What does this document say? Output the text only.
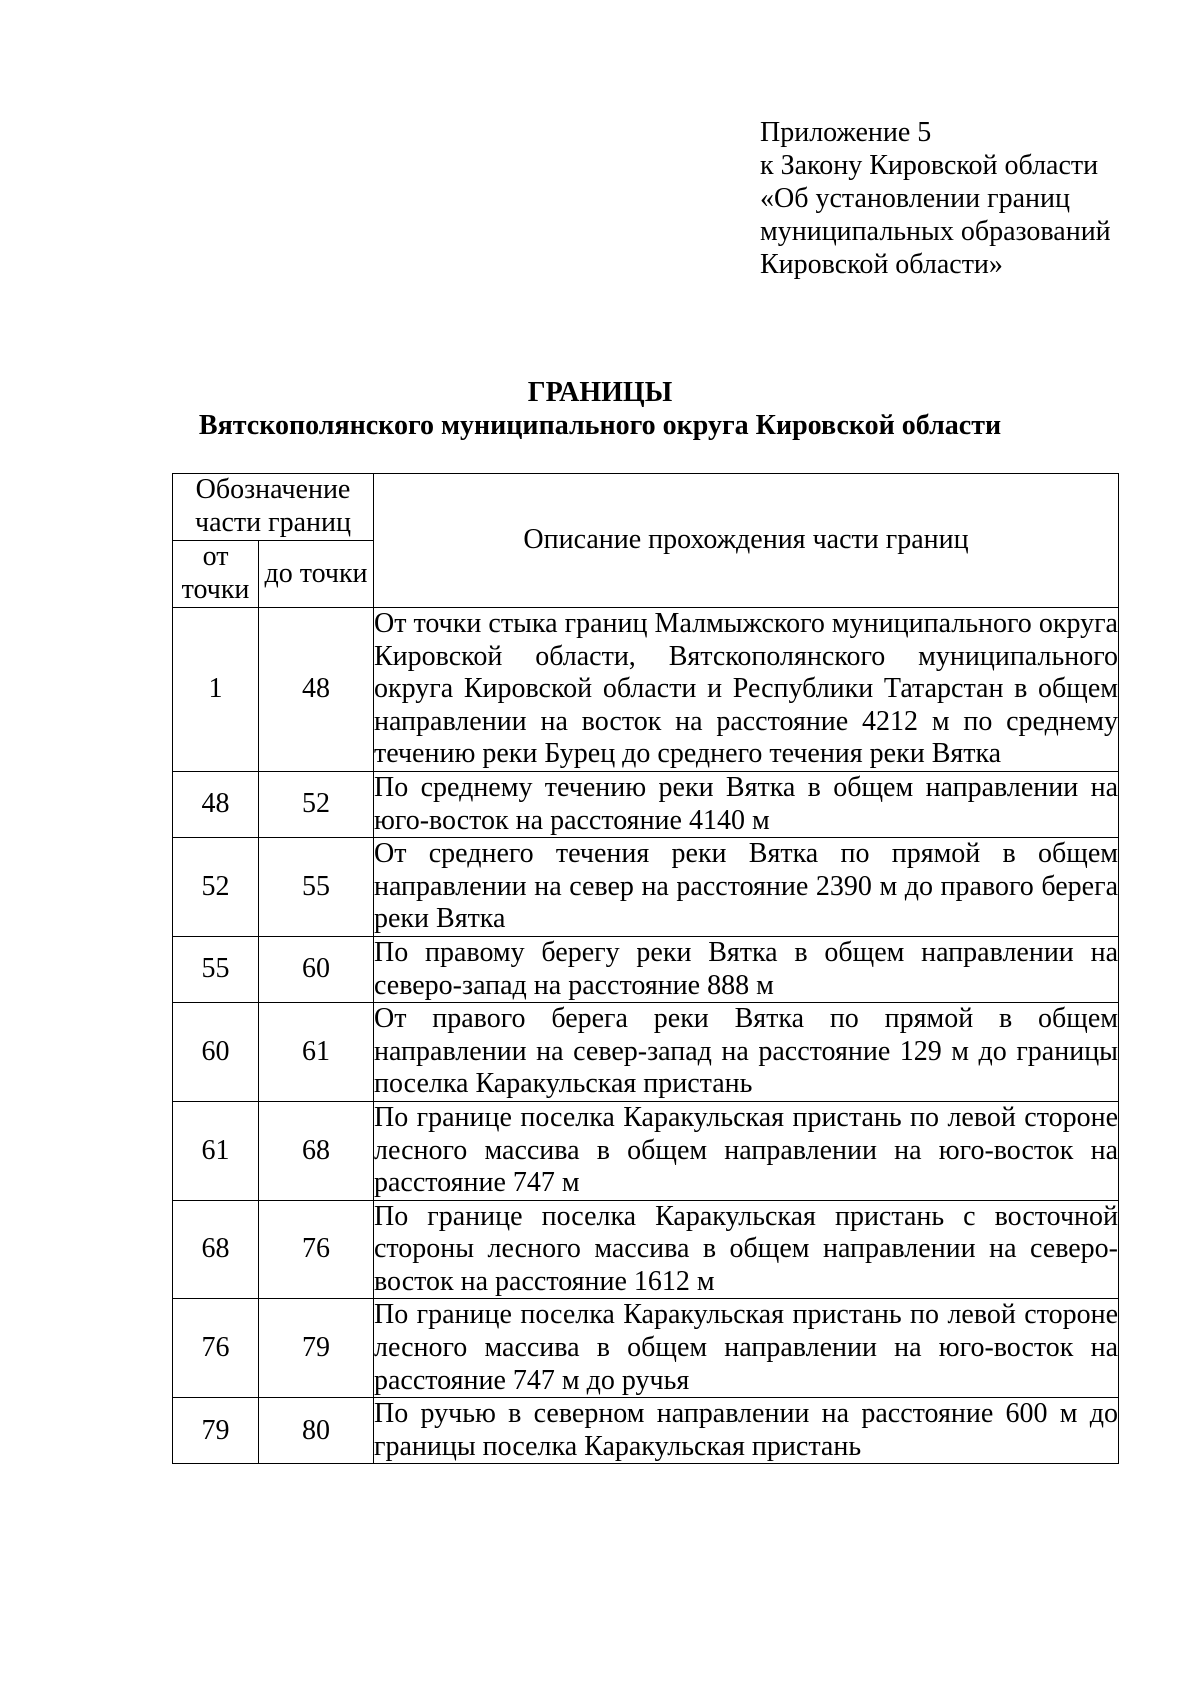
Приложение 5
к Закону Кировской области
«Об установлении границ
муниципальных образований
Кировской области»
ГРАНИЦЫ
Вятскополянского муниципального округа Кировской области
Обозначение части границ		Описание прохождения части границ
от точки	до точки	
1	48	От точки стыка границ Малмыжского муниципального округа Кировской области, Вятскополянского муниципального округа Кировской области и Республики Татарстан в общем направлении на восток на расстояние 4212 м по среднему течению реки Бурец до среднего течения реки Вятка
48	52	По среднему течению реки Вятка в общем направлении на юго-восток на расстояние 4140 м
52	55	От среднего течения реки Вятка по прямой в общем направлении на север на расстояние 2390 м до правого берега реки Вятка
55	60	По правому берегу реки Вятка в общем направлении на северо-запад на расстояние 888 м
60	61	От правого берега реки Вятка по прямой в общем направлении на север-запад на расстояние 129 м до границы поселка Каракульская пристань
61	68	По границе поселка Каракульская пристань по левой стороне лесного массива в общем направлении на юго-восток на расстояние 747 м
68	76	По границе поселка Каракульская пристань с восточной стороны лесного массива в общем направлении на северо-восток на расстояние 1612 м
76	79	По границе поселка Каракульская пристань по левой стороне лесного массива в общем направлении на юго-восток на расстояние 747 м до ручья
79	80	По ручью в северном направлении на расстояние 600 м до границы поселка Каракульская пристань
